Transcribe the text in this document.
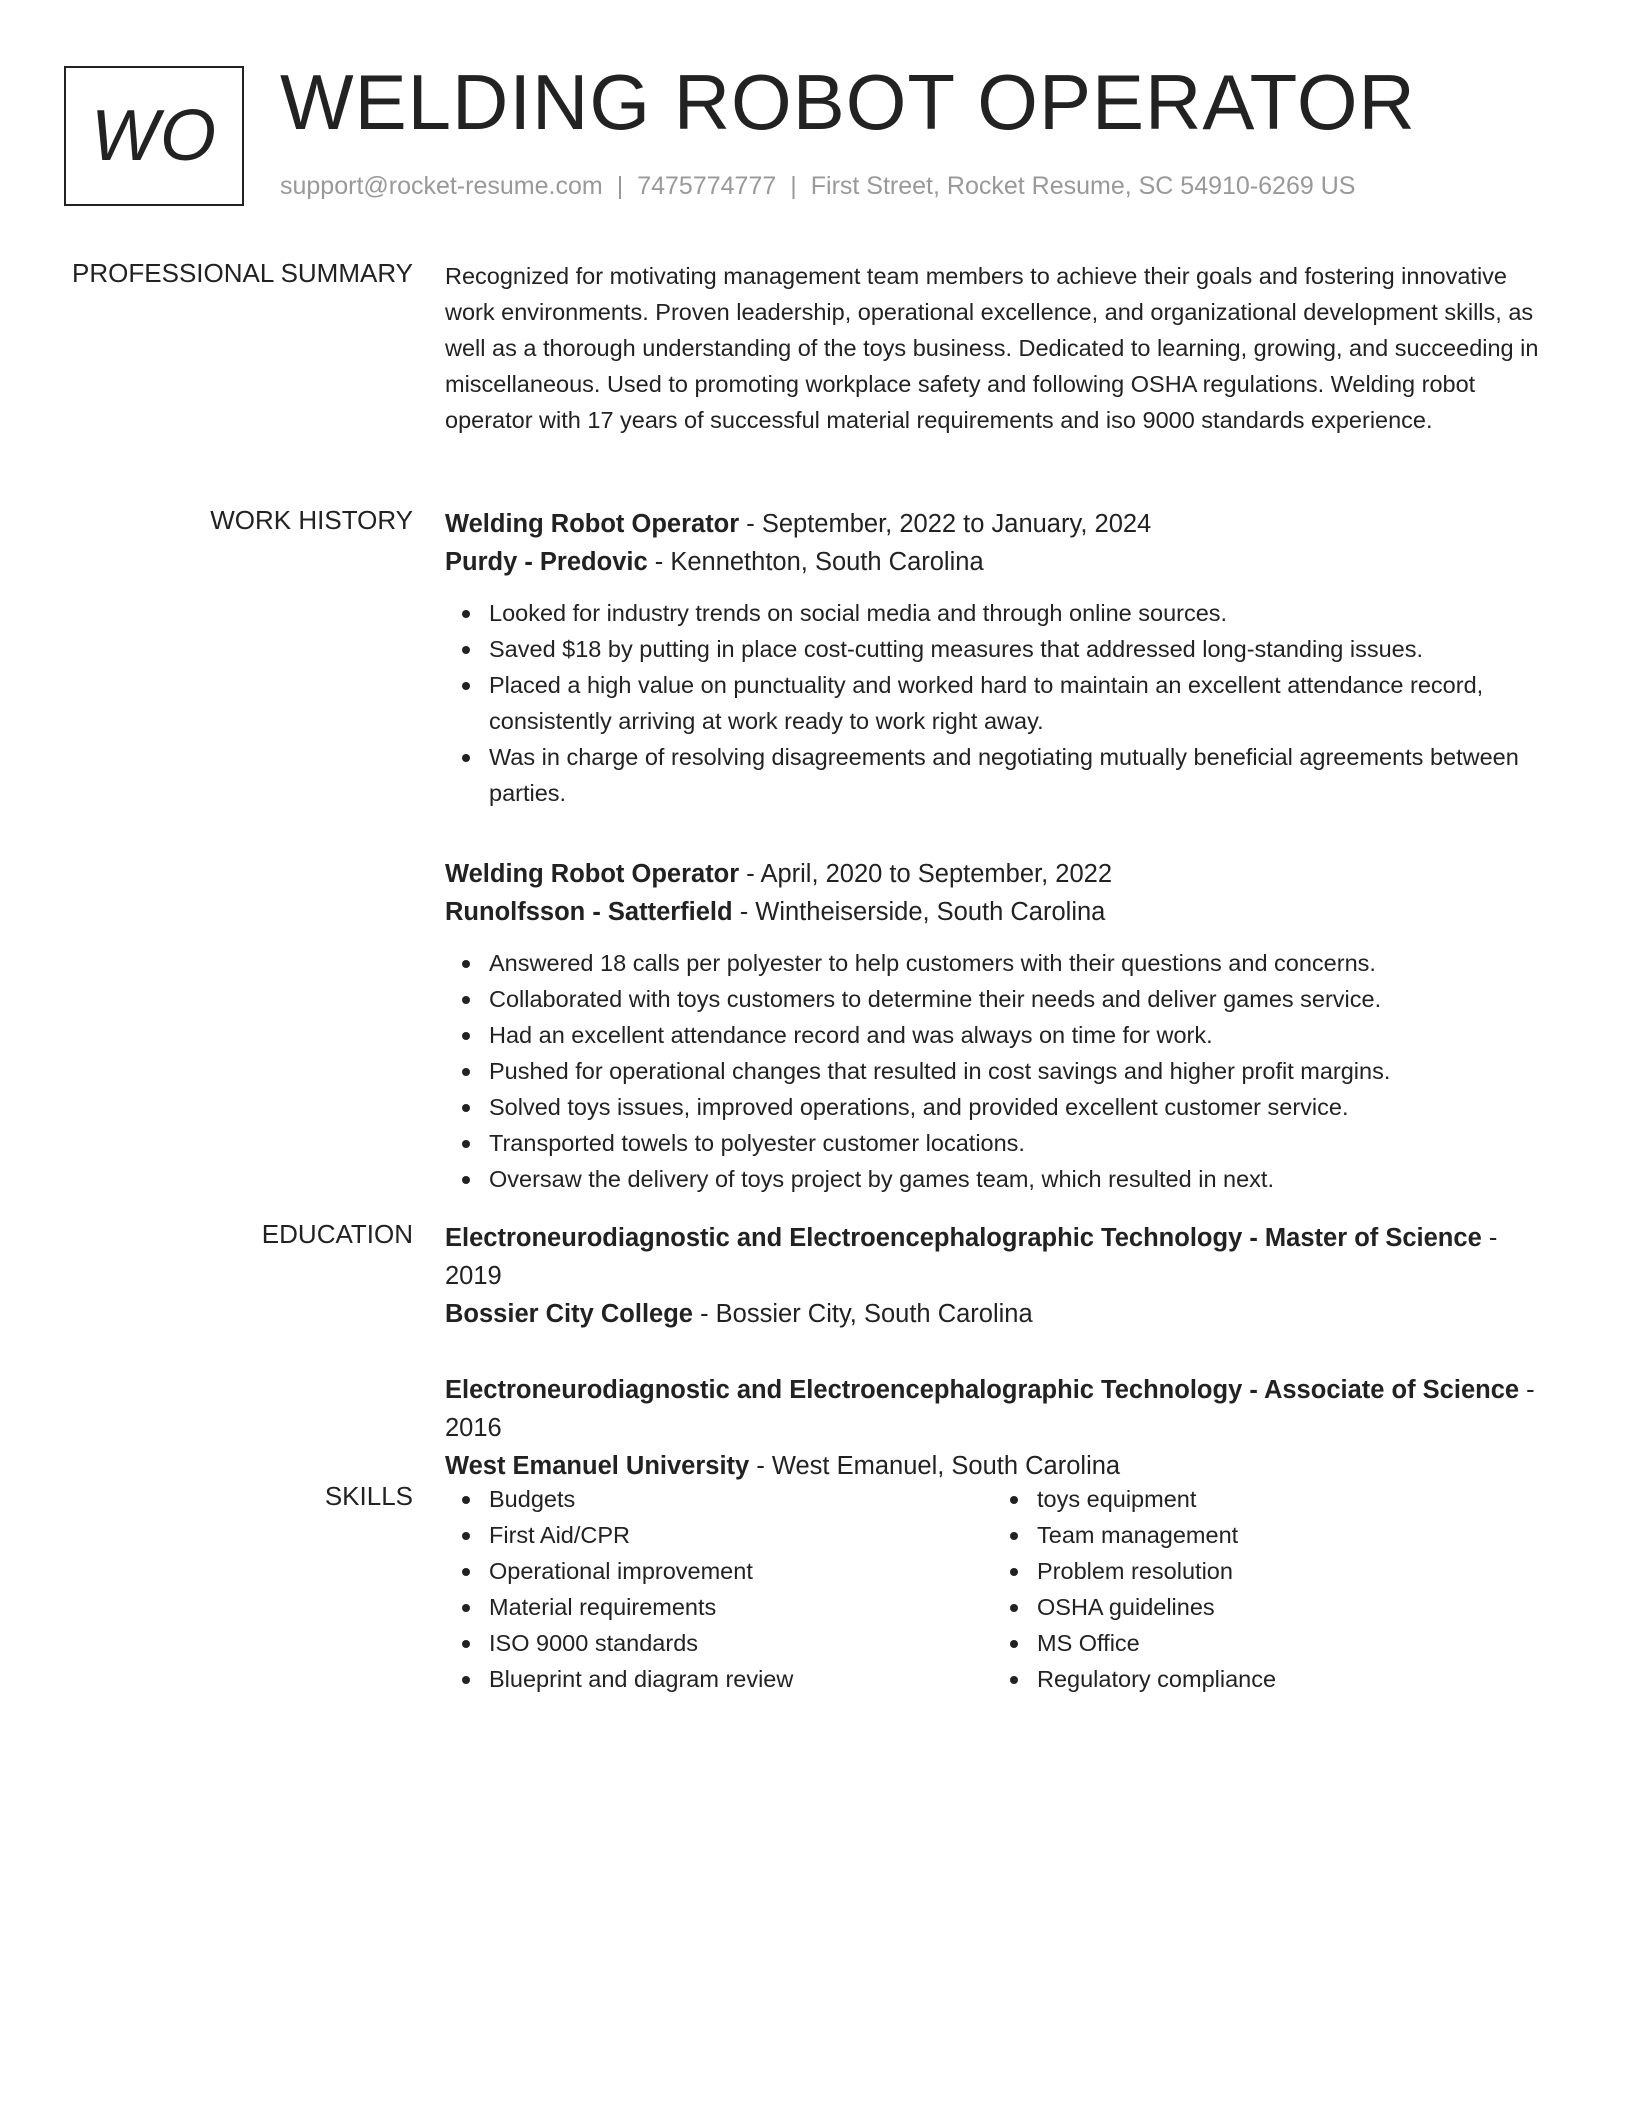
WO WELDING ROBOT OPERATOR
support@rocket-resume.com | 7475774777 | First Street, Rocket Resume, SC 54910-6269 US
PROFESSIONAL SUMMARY Recognized for motivating management team members to achieve their goals and fostering innovative work environments. Proven leadership, operational excellence, and organizational development skills, as well as a thorough understanding of the toys business. Dedicated to learning, growing, and succeeding in miscellaneous. Used to promoting workplace safety and following OSHA regulations. Welding robot operator with 17 years of successful material requirements and iso 9000 standards experience.

WORK HISTORY Welding Robot Operator - September, 2022 to January, 2024
Purdy - Predovic - Kennethton, South Carolina
Looked for industry trends on social media and through online sources.
Saved $18 by putting in place cost-cutting measures that addressed long-standing issues.
Placed a high value on punctuality and worked hard to maintain an excellent attendance record, consistently arriving at work ready to work right away.
Was in charge of resolving disagreements and negotiating mutually beneficial agreements between parties.
Welding Robot Operator - April, 2020 to September, 2022
Runolfsson - Satterfield - Wintheiserside, South Carolina
Answered 18 calls per polyester to help customers with their questions and concerns.
Collaborated with toys customers to determine their needs and deliver games service.
Had an excellent attendance record and was always on time for work.
Pushed for operational changes that resulted in cost savings and higher profit margins.
Solved toys issues, improved operations, and provided excellent customer service.
Transported towels to polyester customer locations.
Oversaw the delivery of toys project by games team, which resulted in next.
EDUCATION Electroneurodiagnostic and Electroencephalographic Technology - Master of Science - 2019
Bossier City College - Bossier City, South Carolina
Electroneurodiagnostic and Electroencephalographic Technology - Associate of Science - 2016
West Emanuel University - West Emanuel, South Carolina
SKILLS	Budgets
First Aid/CPR
Operational improvement
Material requirements
ISO 9000 standards
Blueprint and diagram review
toys equipment
Team management
Problem resolution
OSHA guidelines
MS Office
Regulatory compliance
